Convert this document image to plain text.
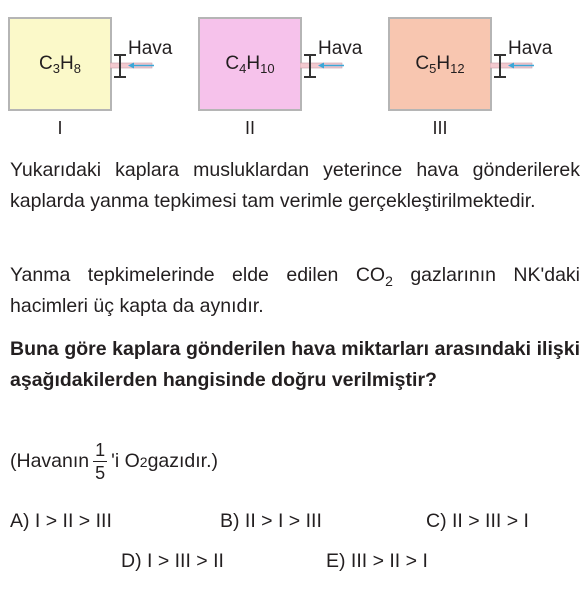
$C_3H_8$
Hava
I
$C_4H_{10}$
Hava
II
$C_5H_{12}$
Hava
III
Yukarıdaki kaplara musluklardan yeterince hava gönderilerek kaplarda yanma tepkimesi tam verimle gerçekleştirilmektedir.
Yanma tepkimelerinde elde edilen $CO_2$ gazlarının NK'daki hacimleri üç kapta da aynıdır.
Buna göre kaplara gönderilen hava miktarları arasındaki ilişki aşağıdakilerden hangisinde doğru verilmiştir?
(Havanın $\frac{1}{5}$ 'i O 2 gazıdır.)
A) I > II > III	B) II > I > III	C) II > III > I
D) I > III > II	E) III > II > I
